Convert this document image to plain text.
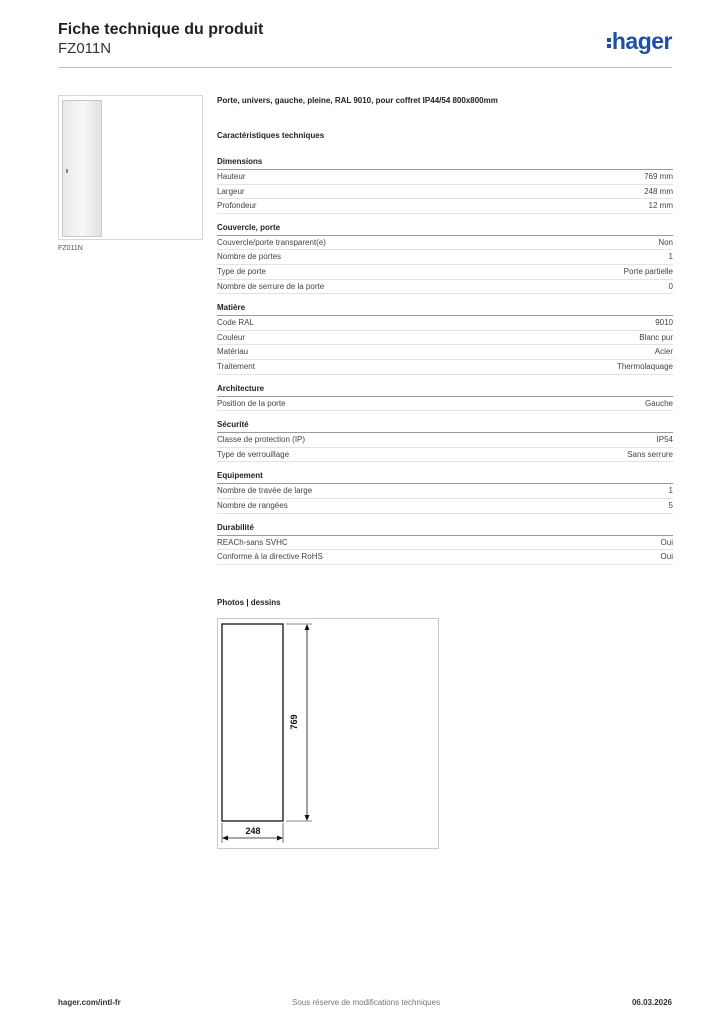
Fiche technique du produit
FZ011N	hager
FZ011N
Porte, univers, gauche, pleine, RAL 9010, pour coffret IP44/54 800x800mm
Caractéristiques techniques
Dimensions
Hauteur	769 mm
Largeur	248 mm
Profondeur	12 mm
Couvercle, porte
Couvercle/porte transparent(e)	Non
Nombre de portes	1
Type de porte	Porte partielle
Nombre de serrure de la porte	0
Matière
Code RAL	9010
Couleur	Blanc pur
Matériau	Acier
Traitement	Thermolaquage
Architecture
Position de la porte	Gauche
Sécurité
Classe de protection (IP)	IP54
Type de verrouillage	Sans serrure
Equipement
Nombre de travée de large	1
Nombre de rangées	5
Durabilité
REACh-sans SVHC	Oui
Conforme à la directive RoHS	Oui
Photos | dessins
769
248
hager.com/intl-fr	Sous réserve de modifications techniques	06.03.2026
